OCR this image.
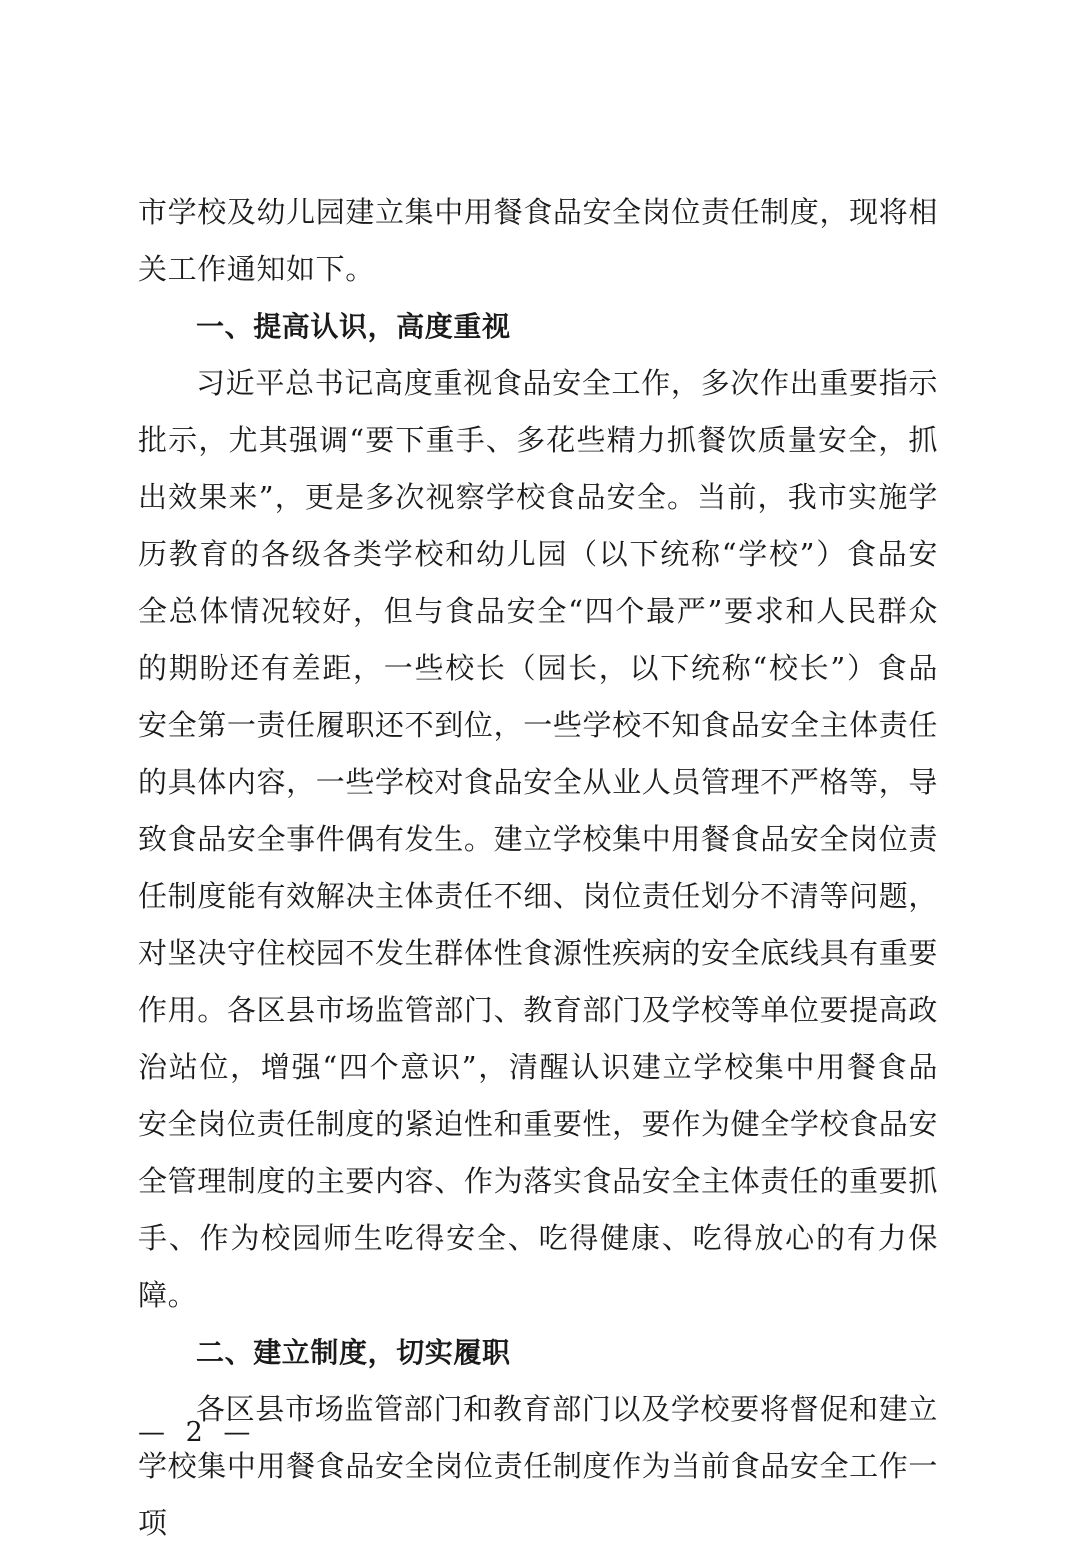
市学校及幼儿园建立集中用餐食品安全岗位责任制度，现将相关工作通知如下。

一、提高认识，高度重视

习近平总书记高度重视食品安全工作，多次作出重要指示批示，尤其强调“要下重手、多花些精力抓餐饮质量安全，抓出效果来”，更是多次视察学校食品安全。当前，我市实施学历教育的各级各类学校和幼儿园（以下统称“学校”）食品安全总体情况较好，但与食品安全“四个最严”要求和人民群众的期盼还有差距，一些校长（园长，以下统称“校长”）食品安全第一责任履职还不到位，一些学校不知食品安全主体责任的具体内容，一些学校对食品安全从业人员管理不严格等，导致食品安全事件偶有发生。建立学校集中用餐食品安全岗位责任制度能有效解决主体责任不细、岗位责任划分不清等问题，对坚决守住校园不发生群体性食源性疾病的安全底线具有重要作用。各区县市场监管部门、教育部门及学校等单位要提高政治站位，增强“四个意识”，清醒认识建立学校集中用餐食品安全岗位责任制度的紧迫性和重要性，要作为健全学校食品安全管理制度的主要内容、作为落实食品安全主体责任的重要抓手、作为校园师生吃得安全、吃得健康、吃得放心的有力保障。

二、建立制度，切实履职

各区县市场监管部门和教育部门以及学校要将督促和建立学校集中用餐食品安全岗位责任制度作为当前食品安全工作一项

— 2 —
